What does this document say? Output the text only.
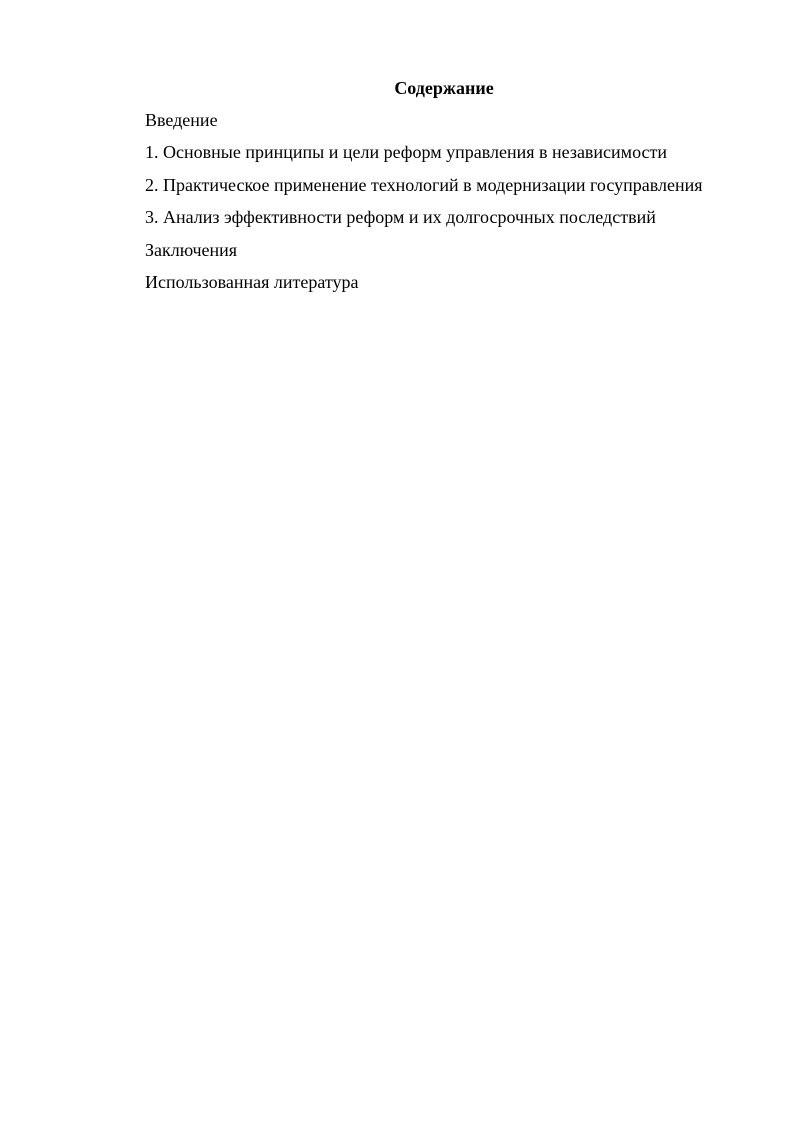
Содержание
Введение
1. Основные принципы и цели реформ управления в независимости
2. Практическое применение технологий в модернизации госуправления
3. Анализ эффективности реформ и их долгосрочных последствий
Заключения
Использованная литература
